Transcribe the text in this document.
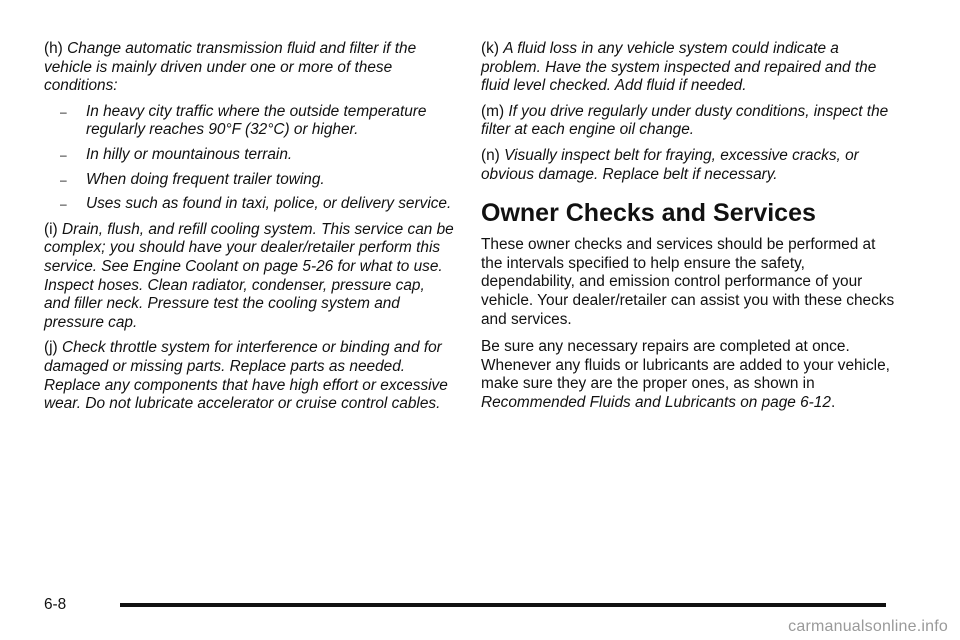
(h) Change automatic transmission fluid and filter if the vehicle is mainly driven under one or more of these conditions:

– In heavy city traffic where the outside temperature regularly reaches 90°F (32°C) or higher.
– In hilly or mountainous terrain.
– When doing frequent trailer towing.
– Uses such as found in taxi, police, or delivery service.

(i) Drain, flush, and refill cooling system. This service can be complex; you should have your dealer/retailer perform this service. See Engine Coolant on page 5-26 for what to use. Inspect hoses. Clean radiator, condenser, pressure cap, and filler neck. Pressure test the cooling system and pressure cap.

(j) Check throttle system for interference or binding and for damaged or missing parts. Replace parts as needed. Replace any components that have high effort or excessive wear. Do not lubricate accelerator or cruise control cables.

(k) A fluid loss in any vehicle system could indicate a problem. Have the system inspected and repaired and the fluid level checked. Add fluid if needed.

(m) If you drive regularly under dusty conditions, inspect the filter at each engine oil change.

(n) Visually inspect belt for fraying, excessive cracks, or obvious damage. Replace belt if necessary.

Owner Checks and Services

These owner checks and services should be performed at the intervals specified to help ensure the safety, dependability, and emission control performance of your vehicle. Your dealer/retailer can assist you with these checks and services.

Be sure any necessary repairs are completed at once. Whenever any fluids or lubricants are added to your vehicle, make sure they are the proper ones, as shown in Recommended Fluids and Lubricants on page 6-12.

6-8
carmanualsonline.info
